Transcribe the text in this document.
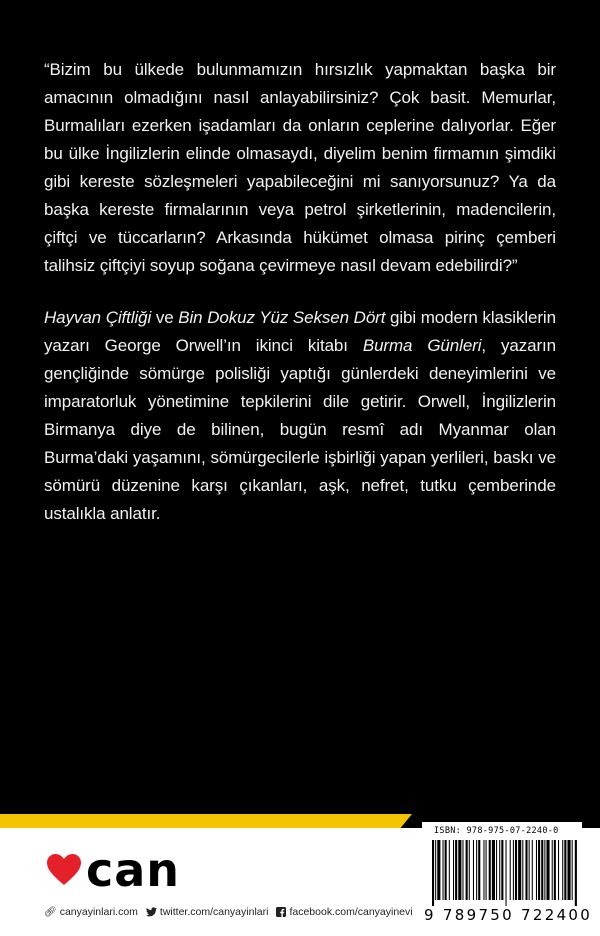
“Bizim bu ülkede bulunmamızın hırsızlık yapmaktan başka bir amacının olmadığını nasıl anlayabilirsiniz? Çok basit. Memurlar, Burmalıları ezerken işadamları da onların ceplerine dalıyorlar. Eğer bu ülke İngilizlerin elinde olmasaydı, diyelim benim firmamın şimdiki gibi kereste sözleşmeleri yapabileceğini mi sanıyorsunuz? Ya da başka kereste firmalarının veya petrol şirketlerinin, madencilerin, çiftçi ve tüccarların? Arkasında hükümet olmasa pirinç çemberi talihsiz çiftçiyi soyup soğana çevirmeye nasıl devam edebilirdi?”

Hayvan Çiftliği ve Bin Dokuz Yüz Seksen Dört gibi modern klasiklerin yazarı George Orwell’ın ikinci kitabı Burma Günleri, yazarın gençliğinde sömürge polisliği yaptığı günlerdeki deneyimlerini ve imparatorluk yönetimine tepkilerini dile getirir. Orwell, İngilizlerin Birmanya diye de bilinen, bugün resmî adı Myanmar olan Burma’daki yaşamını, sömürgecilerle işbirliği yapan yerlileri, baskı ve sömürü düzenine karşı çıkanları, aşk, nefret, tutku çemberinde ustalıkla anlatır.

can
🔗︎ canyayinlari.com twitter.com/canyayinlari facebook.com/canyayinevi
ISBN: 978-975-07-2240-0
9 789750 722400
